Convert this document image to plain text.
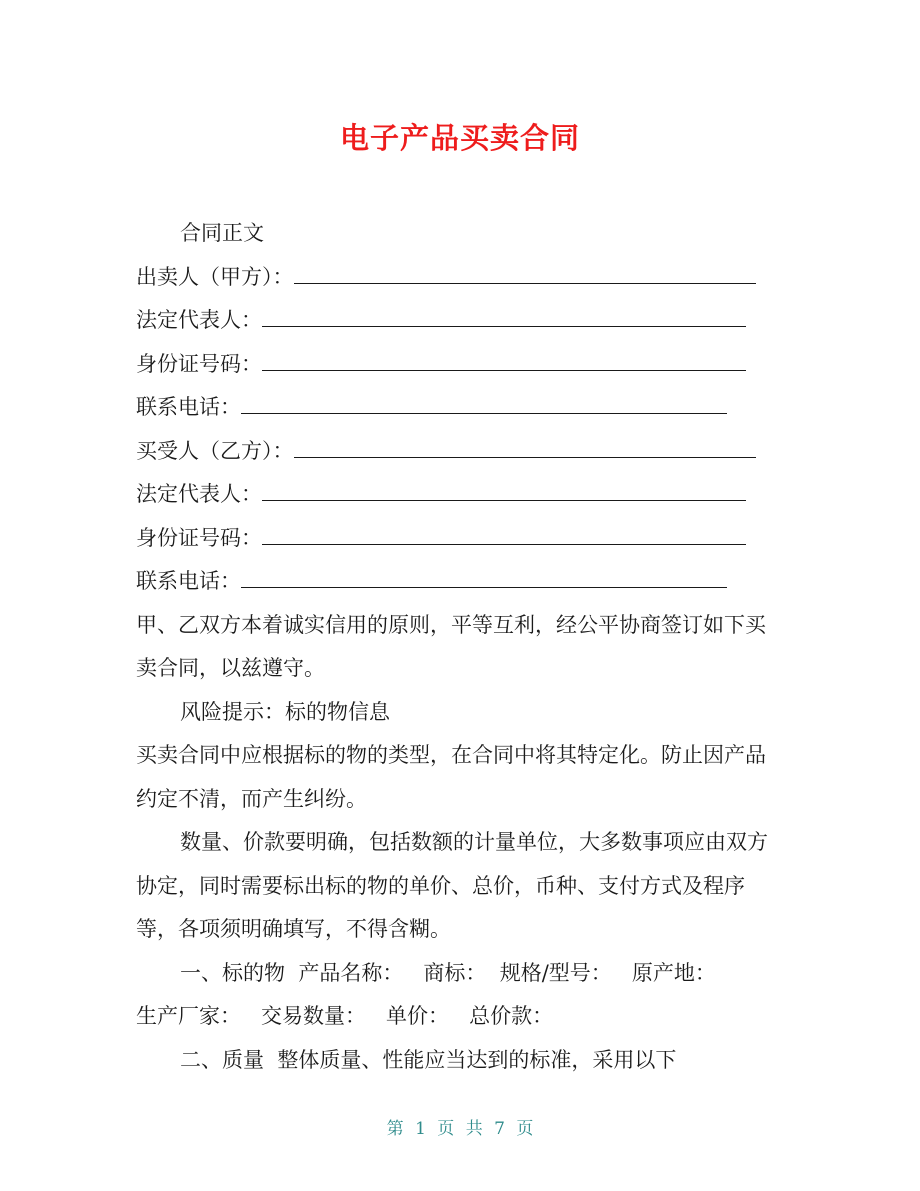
电子产品买卖合同
合同正文
出卖人（甲方）：
法定代表人：
身份证号码：
联系电话：
买受人（乙方）：
法定代表人：
身份证号码：
联系电话：
甲、乙双方本着诚实信用的原则，平等互利，经公平协商签订如下买卖合同，以兹遵守。
风险提示：标的物信息
买卖合同中应根据标的物的类型，在合同中将其特定化。防止因产品约定不清，而产生纠纷。
数量、价款要明确，包括数额的计量单位，大多数事项应由双方协定，同时需要标出标的物的单价、总价，币种、支付方式及程序等，各项须明确填写，不得含糊。
一、标的物  产品名称：   商标：  规格/型号：   原产地：
生产厂家：   交易数量：   单价：   总价款：
二、质量  整体质量、性能应当达到的标准，采用以下
第 1 页 共 7 页
